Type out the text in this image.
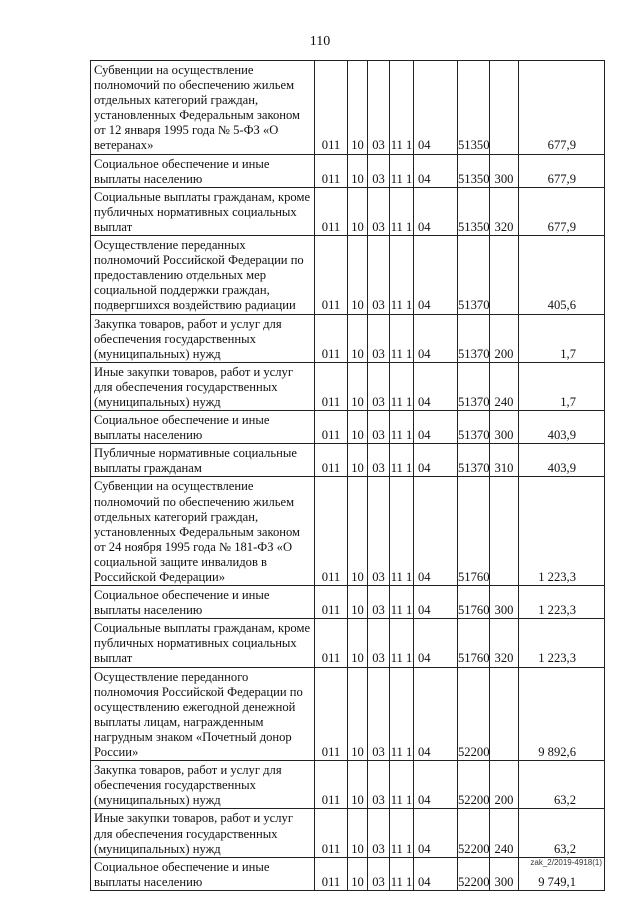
110
Субвенции на осуществление полномочий по обеспечению жильем отдельных категорий граждан, установленных Федеральным законом от 12 января 1995 года № 5-ФЗ «О ветеранах»	011	10	03	11 1	04	51350		677,9
Социальное обеспечение и иные выплаты населению	011	10	03	11 1	04	51350	300	677,9
Социальные выплаты гражданам, кроме публичных нормативных социальных выплат	011	10	03	11 1	04	51350	320	677,9
Осуществление переданных полномочий Российской Федерации по предоставлению отдельных мер социальной поддержки граждан, подвергшихся воздействию радиации	011	10	03	11 1	04	51370		405,6
Закупка товаров, работ и услуг для обеспечения государственных (муниципальных) нужд	011	10	03	11 1	04	51370	200	1,7
Иные закупки товаров, работ и услуг для обеспечения государственных (муниципальных) нужд	011	10	03	11 1	04	51370	240	1,7
Социальное обеспечение и иные выплаты населению	011	10	03	11 1	04	51370	300	403,9
Публичные нормативные социальные выплаты гражданам	011	10	03	11 1	04	51370	310	403,9
Субвенции на осуществление полномочий по обеспечению жильем отдельных категорий граждан, установленных Федеральным законом от 24 ноября 1995 года № 181-ФЗ «О социальной защите инвалидов в Российской Федерации»	011	10	03	11 1	04	51760		1 223,3
Социальное обеспечение и иные выплаты населению	011	10	03	11 1	04	51760	300	1 223,3
Социальные выплаты гражданам, кроме публичных нормативных социальных выплат	011	10	03	11 1	04	51760	320	1 223,3
Осуществление переданного полномочия Российской Федерации по осуществлению ежегодной денежной выплаты лицам, награжденным нагрудным знаком «Почетный донор России»	011	10	03	11 1	04	52200		9 892,6
Закупка товаров, работ и услуг для обеспечения государственных (муниципальных) нужд	011	10	03	11 1	04	52200	200	63,2
Иные закупки товаров, работ и услуг для обеспечения государственных (муниципальных) нужд	011	10	03	11 1	04	52200	240	63,2
Социальное обеспечение и иные выплаты населению	011	10	03	11 1	04	52200	300	9 749,1
zak_2/2019-4918(1)
